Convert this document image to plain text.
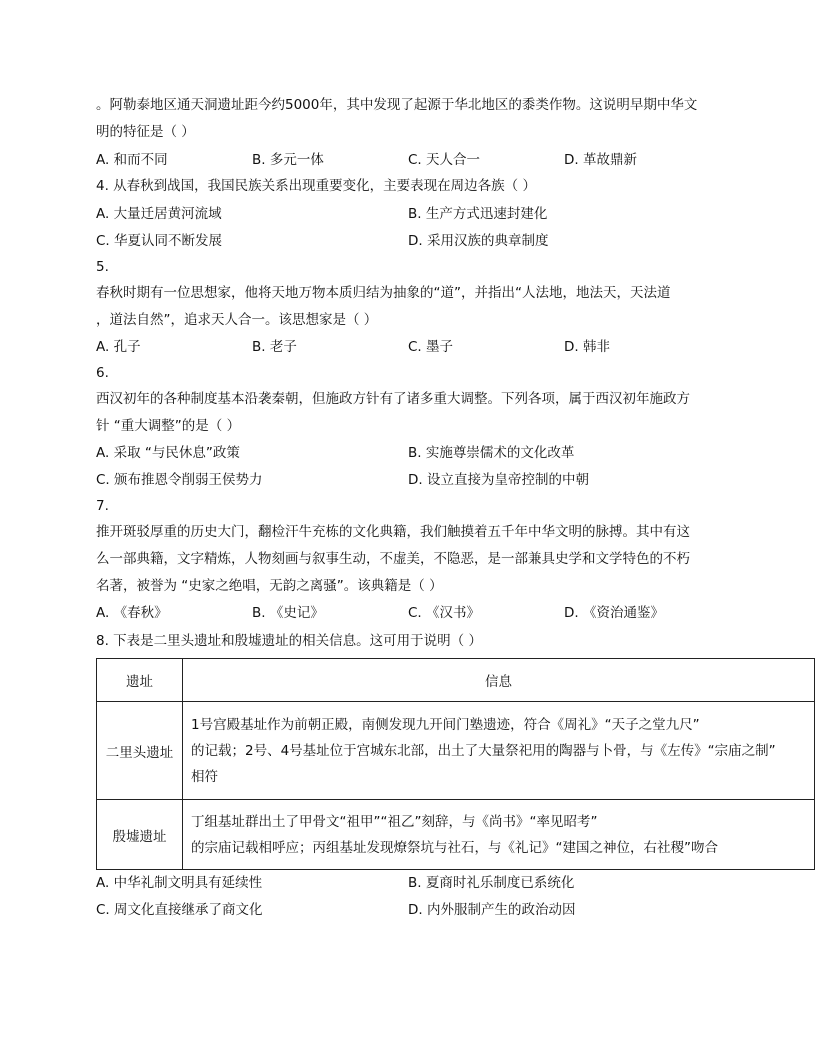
。阿勒泰地区通天洞遗址距今约5000年，其中发现了起源于华北地区的黍类作物。这说明早期中华文
明的特征是（ ）
A. 和而不同	B. 多元一体	C. 天人合一	D. 革故鼎新
4. 从春秋到战国，我国民族关系出现重要变化，主要表现在周边各族（ ）
A. 大量迁居黄河流域	B. 生产方式迅速封建化
C. 华夏认同不断发展	D. 采用汉族的典章制度
5.
春秋时期有一位思想家，他将天地万物本质归结为抽象的“道”，并指出“人法地，地法天，天法道
，道法自然”，追求天人合一。该思想家是（ ）
A. 孔子	B. 老子	C. 墨子	D. 韩非
6.
西汉初年的各种制度基本沿袭秦朝，但施政方针有了诸多重大调整。下列各项，属于西汉初年施政方
针 “重大调整”的是（ ）
A. 采取 “与民休息”政策	B. 实施尊崇儒术的文化改革
C. 颁布推恩令削弱王侯势力	D. 设立直接为皇帝控制的中朝
7.
推开斑驳厚重的历史大门，翻检汗牛充栋的文化典籍，我们触摸着五千年中华文明的脉搏。其中有这
么一部典籍，文字精炼，人物刻画与叙事生动，不虚美，不隐恶，是一部兼具史学和文学特色的不朽
名著，被誉为 “史家之绝唱，无韵之离骚”。该典籍是（ ）
A. 《春秋》	B. 《史记》	C. 《汉书》	D. 《资治通鉴》
8. 下表是二里头遗址和殷墟遗址的相关信息。这可用于说明（ ）
遗址	信息
二里头遗址	1号宫殿基址作为前朝正殿，南侧发现九开间门塾遗迹，符合《周礼》“天子之堂九尺”
的记载；2号、4号基址位于宫城东北部，出土了大量祭祀用的陶器与卜骨，与《左传》“宗庙之制”
相符

殷墟遗址	丁组基址群出土了甲骨文“祖甲”“祖乙”刻辞，与《尚书》“率见昭考”
的宗庙记载相呼应；丙组基址发现燎祭坑与社石，与《礼记》“建国之神位，右社稷”吻合
A. 中华礼制文明具有延续性	B. 夏商时礼乐制度已系统化
C. 周文化直接继承了商文化	D. 内外服制产生的政治动因
